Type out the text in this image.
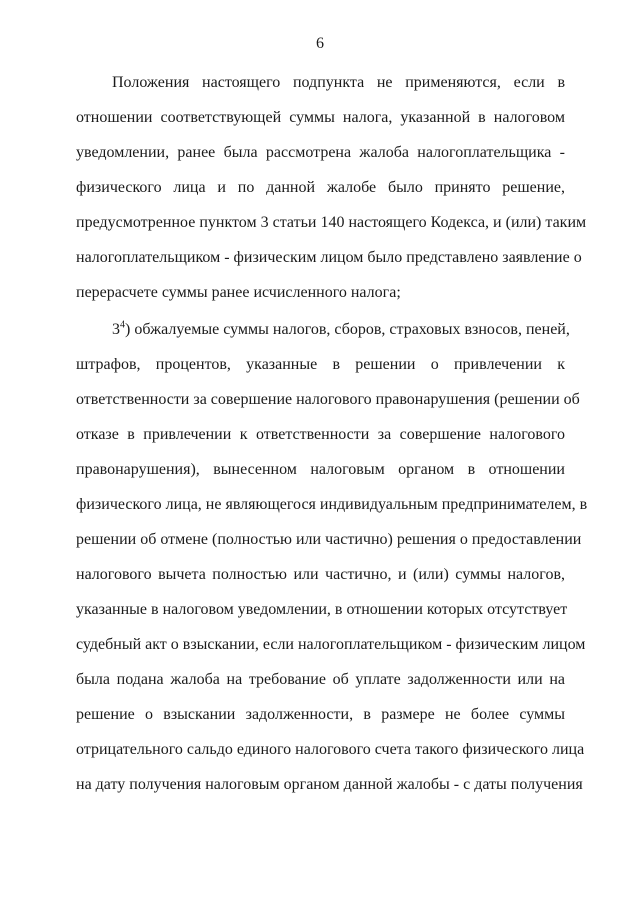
6
Положения настоящего подпункта не применяются, если в
отношении соответствующей суммы налога, указанной в налоговом
уведомлении, ранее была рассмотрена жалоба налогоплательщика -
физического лица и по данной жалобе было принято решение,
предусмотренное пунктом 3 статьи 140 настоящего Кодекса, и (или) таким
налогоплательщиком - физическим лицом было представлено заявление о
перерасчете суммы ранее исчисленного налога;
$3^4$) обжалуемые суммы налогов, сборов, страховых взносов, пеней,
штрафов, процентов, указанные в решении о привлечении к
ответственности за совершение налогового правонарушения (решении об
отказе в привлечении к ответственности за совершение налогового
правонарушения), вынесенном налоговым органом в отношении
физического лица, не являющегося индивидуальным предпринимателем, в
решении об отмене (полностью или частично) решения о предоставлении
налогового вычета полностью или частично, и (или) суммы налогов,
указанные в налоговом уведомлении, в отношении которых отсутствует
судебный акт о взыскании, если налогоплательщиком - физическим лицом
была подана жалоба на требование об уплате задолженности или на
решение о взыскании задолженности, в размере не более суммы
отрицательного сальдо единого налогового счета такого физического лица
на дату получения налоговым органом данной жалобы - с даты получения
